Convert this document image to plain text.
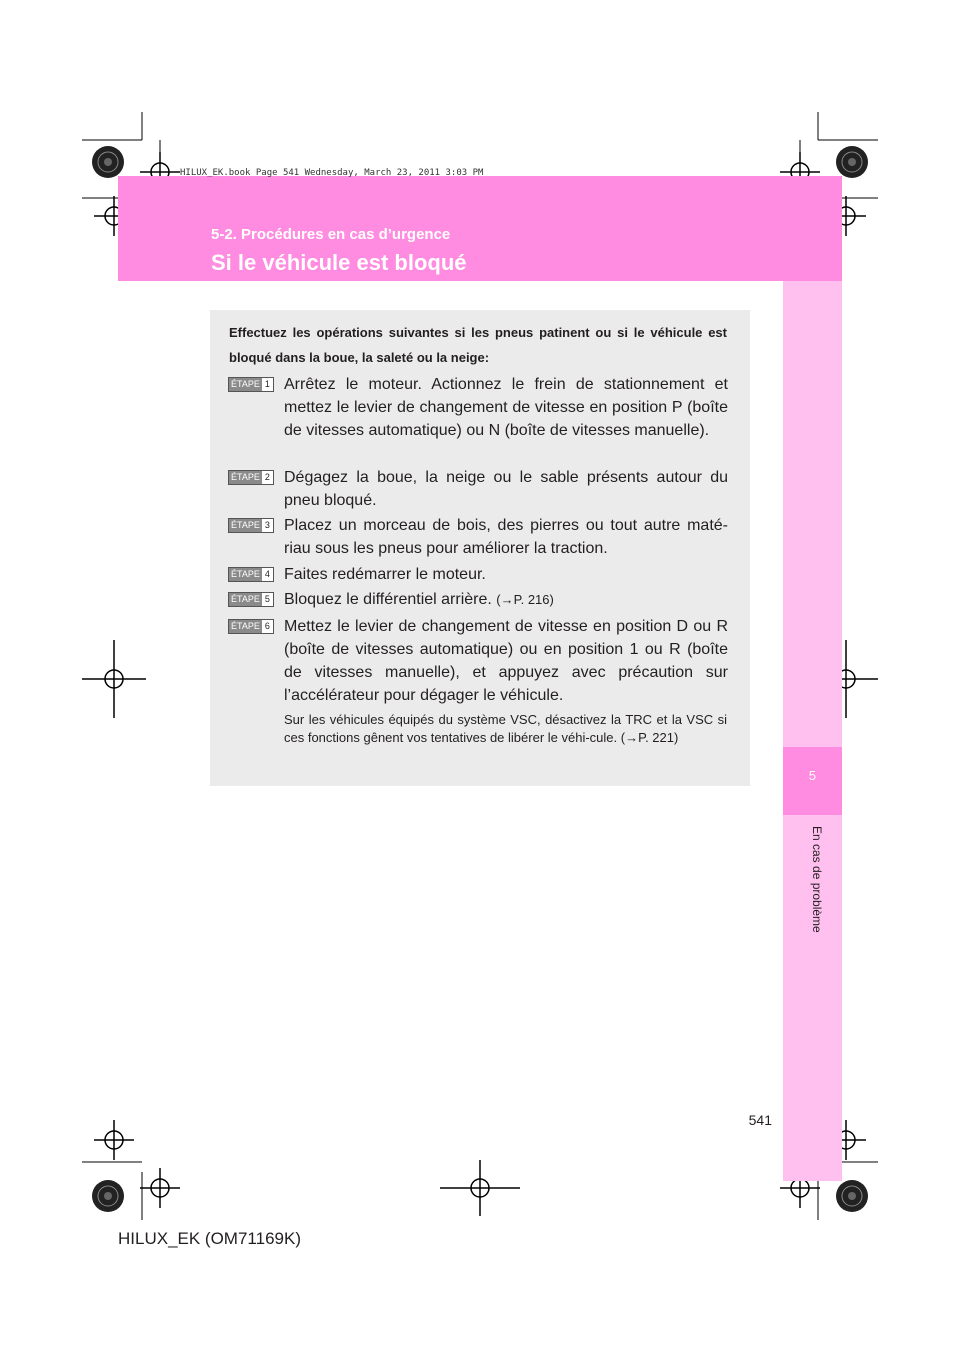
HILUX_EK.book Page 541 Wednesday, March 23, 2011 3:03 PM
5-2. Procédures en cas d’urgence
Si le véhicule est bloqué
5
En cas de problème

Effectuez les opérations suivantes si les pneus patinent ou si le véhicule est bloqué dans la boue, la saleté ou la neige:

ÉTAPE 1 Arrêtez le moteur. Actionnez le frein de stationnement et mettez le levier de changement de vitesse en position P (boîte de vitesses automatique) ou N (boîte de vitesses manuelle).

ÉTAPE 2 Dégagez la boue, la neige ou le sable présents autour du pneu bloqué.

ÉTAPE 3 Placez un morceau de bois, des pierres ou tout autre maté-riau sous les pneus pour améliorer la traction.

ÉTAPE 4 Faites redémarrer le moteur.

ÉTAPE 5 Bloquez le différentiel arrière. (→P. 216)

ÉTAPE 6 Mettez le levier de changement de vitesse en position D ou R (boîte de vitesses automatique) ou en position 1 ou R (boîte de vitesses manuelle), et appuyez avec précaution sur l’accélérateur pour dégager le véhicule.

Sur les véhicules équipés du système VSC, désactivez la TRC et la VSC si ces fonctions gênent vos tentatives de libérer le véhi-cule. (→P. 221)

541
HILUX_EK (OM71169K)
